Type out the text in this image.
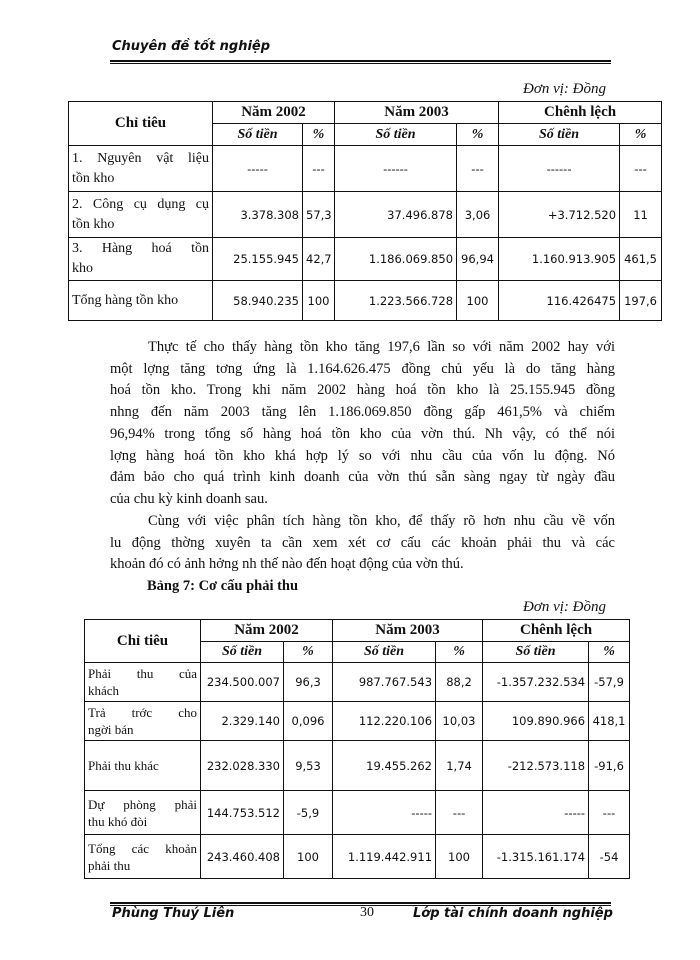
Chuyên đề tốt nghiệp
Đơn vị: Đồng
Chỉ tiêu	Năm 2002		Năm 2003		Chênh lệch	
	Số tiền	%	Số tiền	%	Số tiền	%

1. Nguyên vật liệu
tồn kho	-----	---	------	---	------	---

2. Công cụ dụng cụ
tồn kho	3.378.308	57,3	37.496.878	3,06	+3.712.520	11

3. Hàng hoá tồn
kho	25.155.945	42,7	1.186.069.850	96,94	1.160.913.905	461,5
Tổng hàng tồn kho	58.940.235	100	1.223.566.728	100	116.426475	197,6
Thực tế cho thấy hàng tồn kho tăng 197,6 lần so với năm 2002 hay với
một lợng tăng tơng ứng là 1.164.626.475 đồng chủ yếu là do tăng hàng
hoá tồn kho. Trong khi năm 2002 hàng hoá tồn kho là 25.155.945 đồng
nhng đến năm 2003 tăng lên 1.186.069.850 đồng gấp 461,5% và chiếm
96,94% trong tổng số hàng hoá tồn kho của vờn thú. Nh vậy, có thể nói
lợng hàng hoá tồn kho khá hợp lý so với nhu cầu của vốn lu động. Nó
đảm bảo cho quá trình kinh doanh của vờn thú sẵn sàng ngay từ ngày đầu
của chu kỳ kinh doanh sau.
Cùng với việc phân tích hàng tồn kho, để thấy rõ hơn nhu cầu về vốn
lu động thờng xuyên ta cần xem xét cơ cấu các khoản phải thu và các
khoản đó có ảnh hởng nh thế nào đến hoạt động của vờn thú.
Bảng 7: Cơ cấu phải thu
Đơn vị: Đồng
Chỉ tiêu	Năm 2002		Năm 2003		Chênh lệch	
	Số tiền	%	Số tiền	%	Số tiền	%

Phải thu của
khách	234.500.007	96,3	987.767.543	88,2	-1.357.232.534	-57,9

Trả trớc cho
ngời bán	2.329.140	0,096	112.220.106	10,03	109.890.966	418,1
Phải thu khác	232.028.330	9,53	19.455.262	1,74	-212.573.118	-91,6

Dự phòng phải
thu khó đòi	144.753.512	-5,9	-----	---	-----	---

Tổng các khoản
phải thu	243.460.408	100	1.119.442.911	100	-1.315.161.174	-54
Phùng Thuý Liên	30	Lớp tài chính doanh nghiệp
